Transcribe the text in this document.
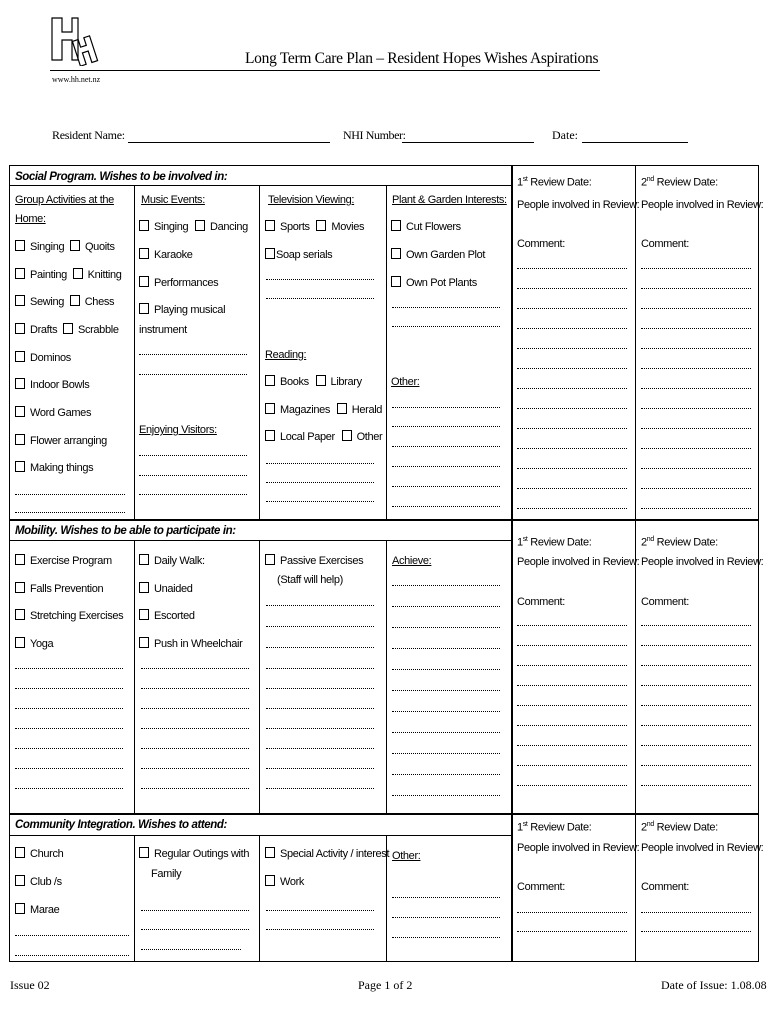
www.hh.net.nz
Long Term Care Plan – Resident Hopes Wishes Aspirations
Resident Name:	NHI Number:	Date:
Social Program. Wishes to be involved in:
Group Activities at the
Home:
Singing Quoits
Painting Knitting
Sewing Chess
Drafts Scrabble
Dominos
Indoor Bowls
Word Games
Flower arranging
Making things
Music Events:
Singing Dancing
Karaoke
Performances
Playing musical
instrument
Enjoying Visitors:
Television Viewing:
Sports Movies
Soap serials
Reading:
Books Library
Magazines Herald
Local Paper Other
Plant & Garden Interests:
Cut Flowers
Own Garden Plot
Own Pot Plants
Other:
1st Review Date:
People involved in Review:
Comment:
2nd Review Date:
People involved in Review:
Comment:
Mobility. Wishes to be able to participate in:
Exercise Program
Falls Prevention
Stretching Exercises
Yoga
Daily Walk:
Unaided
Escorted
Push in Wheelchair
Passive Exercises
(Staff will help)
Achieve:
1st Review Date:
People involved in Review:
Comment:
2nd Review Date:
People involved in Review:
Comment:
Community Integration. Wishes to attend:
Church
Club /s
Marae
Regular Outings with
Family
Special Activity / interest
Work
Other:
1st Review Date:
People involved in Review:
Comment:
2nd Review Date:
People involved in Review:
Comment:
Issue 02	Page 1 of 2	Date of Issue: 1.08.08
